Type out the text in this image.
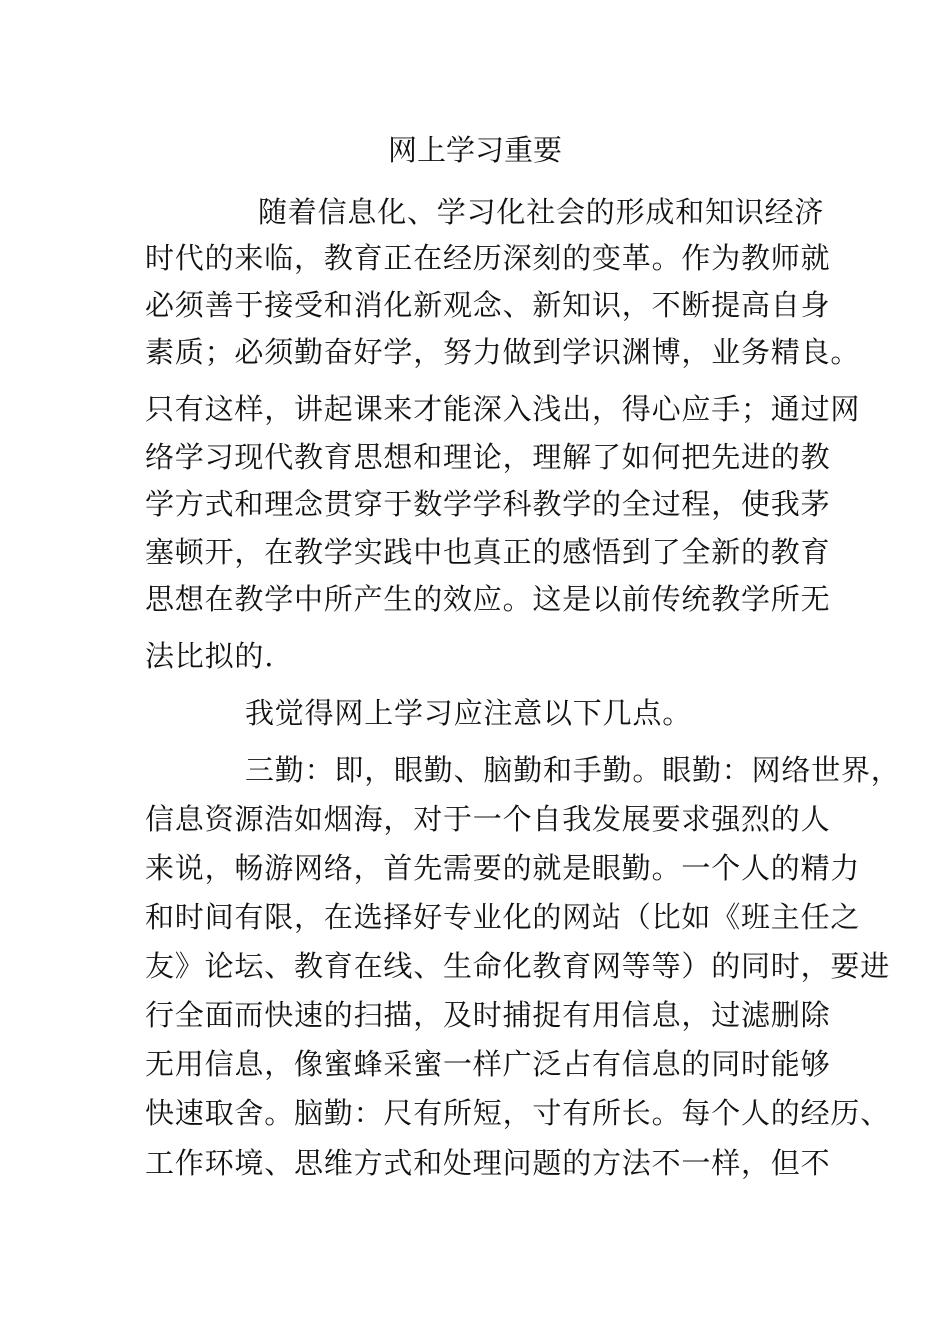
网上学习重要
随着信息化、学习化社会的形成和知识经济
时代的来临，教育正在经历深刻的变革。作为教师就
必须善于接受和消化新观念、新知识，不断提高自身
素质；必须勤奋好学，努力做到学识渊博，业务精良。
只有这样，讲起课来才能深入浅出，得心应手；通过网
络学习现代教育思想和理论，理解了如何把先进的教
学方式和理念贯穿于数学学科教学的全过程，使我茅
塞顿开，在教学实践中也真正的感悟到了全新的教育
思想在教学中所产生的效应。这是以前传统教学所无
法比拟的.
我觉得网上学习应注意以下几点。
三勤：即，眼勤、脑勤和手勤。眼勤：网络世界，
信息资源浩如烟海，对于一个自我发展要求强烈的人
来说，畅游网络，首先需要的就是眼勤。一个人的精力
和时间有限，在选择好专业化的网站（比如《班主任之
友》论坛、教育在线、生命化教育网等等）的同时，要进
行全面而快速的扫描，及时捕捉有用信息，过滤删除
无用信息，像蜜蜂采蜜一样广泛占有信息的同时能够
快速取舍。脑勤：尺有所短，寸有所长。每个人的经历、
工作环境、思维方式和处理问题的方法不一样，但不
